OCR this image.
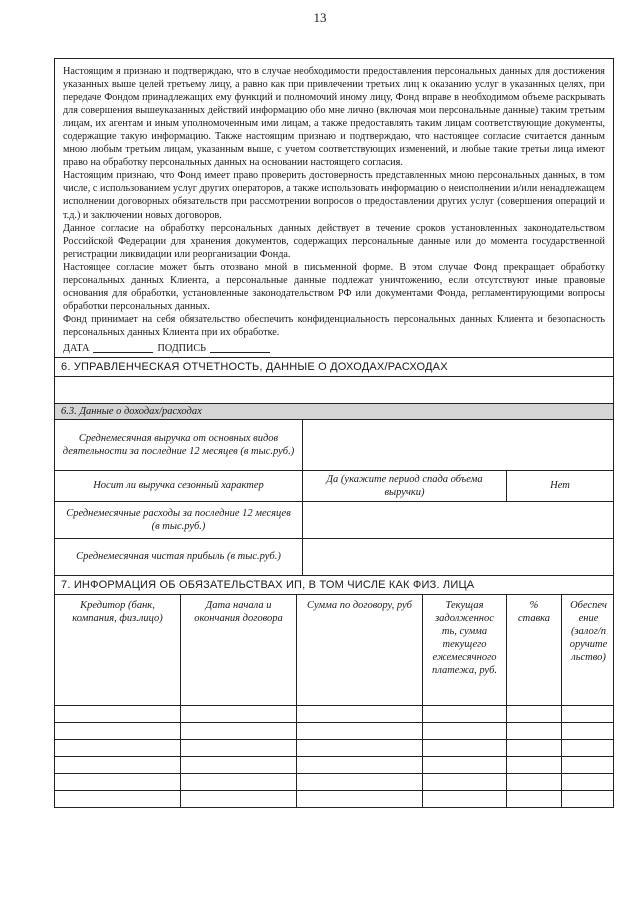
13

Настоящим я признаю и подтверждаю, что в случае необходимости предоставления персональных данных для достижения указанных выше целей третьему лицу, а равно как при привлечении третьих лиц к оказанию услуг в указанных целях, при передаче Фондом принадлежащих ему функций и полномочий иному лицу, Фонд вправе в необходимом объеме раскрывать для совершения вышеуказанных действий информацию обо мне лично (включая мои персональные данные) таким третьим лицам, их агентам и иным уполномоченным ими лицам, а также предоставлять таким лицам соответствующие документы, содержащие такую информацию. Также настоящим признаю и подтверждаю, что настоящее согласие считается данным мною любым третьим лицам, указанным выше, с учетом соответствующих изменений, и любые такие третьи лица имеют право на обработку персональных данных на основании настоящего согласия.

Настоящим признаю, что Фонд имеет право проверить достоверность представленных мною персональных данных, в том числе, с использованием услуг других операторов, а также использовать информацию о неисполнении и/или ненадлежащем исполнении договорных обязательств при рассмотрении вопросов о предоставлении других услуг (совершения операций и т.д.) и заключении новых договоров.

Данное согласие на обработку персональных данных действует в течение сроков установленных законодательством Российской Федерации для хранения документов, содержащих персональные данные или до момента государственной регистрации ликвидации или реорганизации Фонда.

Настоящее согласие может быть отозвано мной в письменной форме. В этом случае Фонд прекращает обработку персональных данных Клиента, а персональные данные подлежат уничтожению, если отсутствуют иные правовые основания для обработки, установленные законодательством РФ или документами Фонда, регламентирующими вопросы обработки персональных данных.

Фонд принимает на себя обязательство обеспечить конфиденциальность персональных данных Клиента и безопасность персональных данных Клиента при их обработке.

ДАТА	ПОДПИСЬ
6. УПРАВЛЕНЧЕСКАЯ ОТЧЕТНОСТЬ, ДАННЫЕ О ДОХОДАХ/РАСХОДАХ
6.3. Данные о доходах/расходах
Среднемесячная выручка от основных видов деятельности за последние 12 месяцев (в тыс.руб.)
Носит ли выручка сезонный характер
Да (укажите период спада объема выручки)
Нет
Среднемесячные расходы за последние 12 месяцев (в тыс.руб.)
Среднемесячная чистая прибыль (в тыс.руб.)
7. ИНФОРМАЦИЯ ОБ ОБЯЗАТЕЛЬСТВАХ ИП, В ТОМ ЧИСЛЕ КАК ФИЗ. ЛИЦА
Кредитор (банк, компания, физ.лицо)
Дата начала и окончания договора
Сумма по договору, руб	Текущая задолженнос ть, сумма текущего ежемесячного платежа, руб.
% ставка
Обеспеч ение (залог/п оручите льство)
